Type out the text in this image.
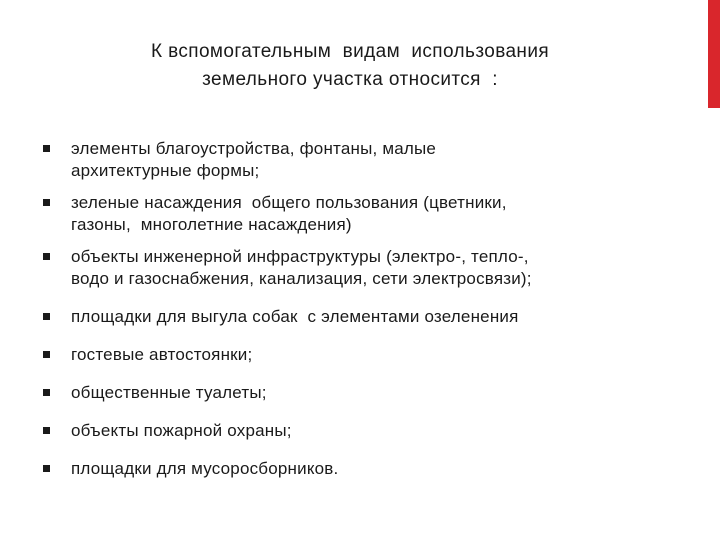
К вспомогательным  видам  использования
земельного участка относится  :
элементы благоустройства, фонтаны, малые
архитектурные формы;
зеленые насаждения  общего пользования (цветники,
газоны,  многолетние насаждения)
объекты инженерной инфраструктуры (электро-, тепло-,
водо и газоснабжения, канализация, сети электросвязи);
площадки для выгула собак  с элементами озеленения
гостевые автостоянки;
общественные туалеты;
объекты пожарной охраны;
площадки для мусоросборников.
